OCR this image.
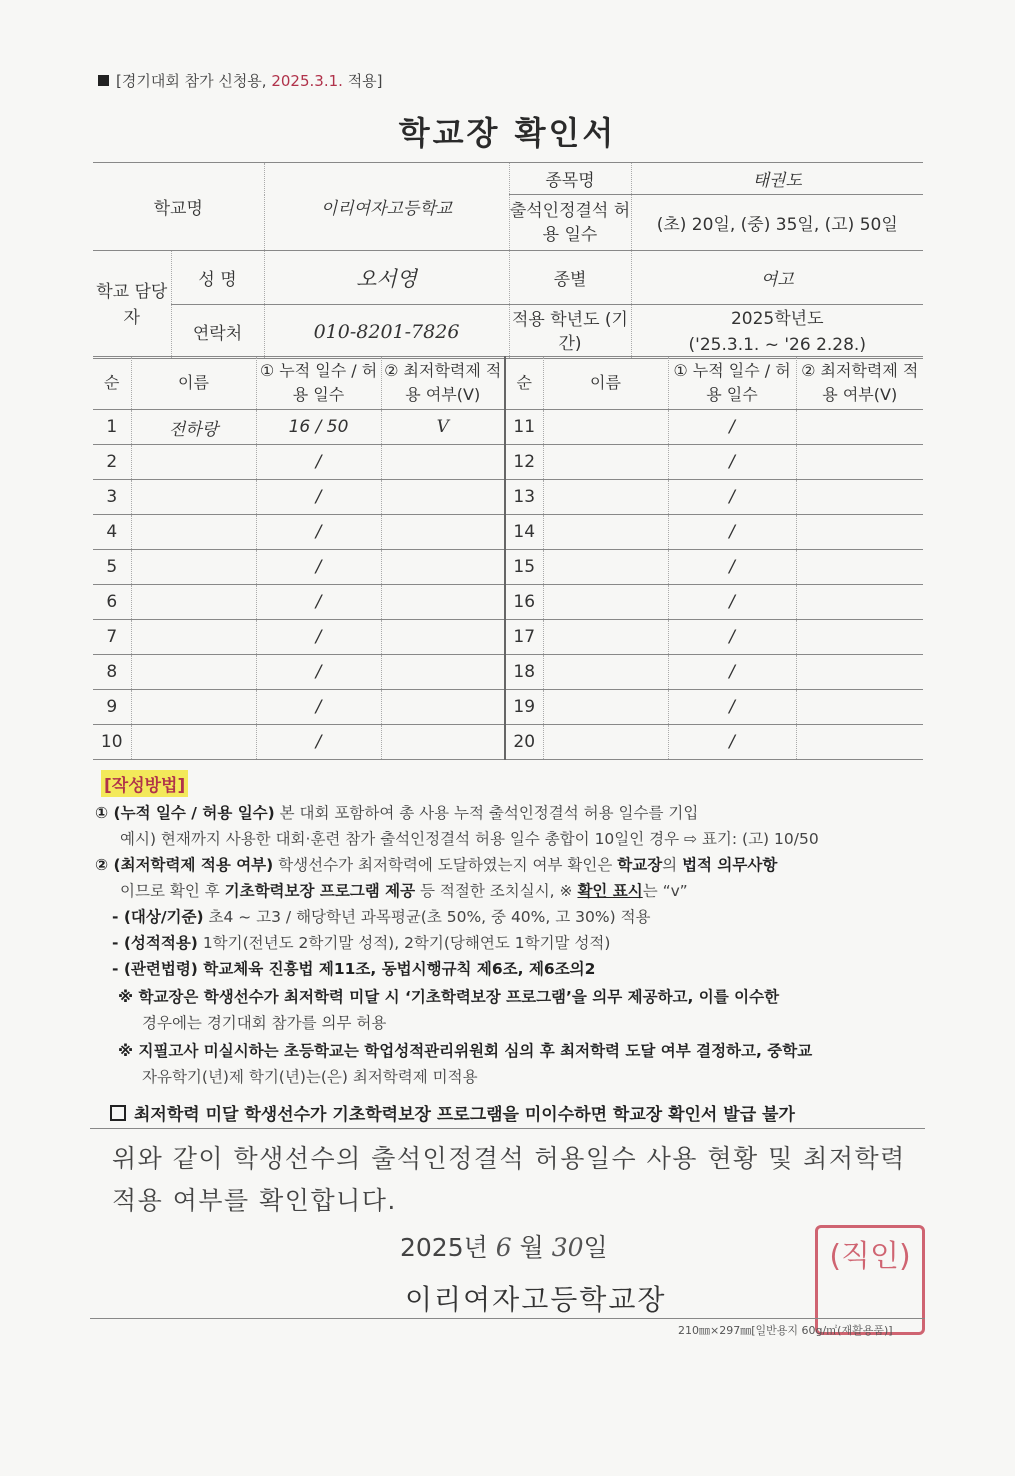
[경기대회 참가 신청용, 2025.3.1. 적용]
학교장 확인서
학교명		이리여자고등학교	종목명	태권도
			출석인정결석 허용 일수	(초) 20일, (중) 35일, (고) 50일
학교 담당자	성 명	오서영	종별	여고
	연락처	010-8201-7826	적용 학년도 (기간)	2025학년도
('25.3.1. ~ '26 2.28.)
순	이름	① 누적 일수 / 허용 일수	② 최저학력제 적용 여부(V)	순	이름	① 누적 일수 / 허용 일수	② 최저학력제 적용 여부(V)
1	전하랑	16 / 50	V	11		/	
2		/		12		/	
3		/		13		/	
4		/		14		/	
5		/		15		/	
6		/		16		/	
7		/		17		/	
8		/		18		/	
9		/		19		/	
10		/		20		/	
[작성방법]
① (누적 일수 / 허용 일수) 본 대회 포함하여 총 사용 누적 출석인정결석 허용 일수를 기입
예시) 현재까지 사용한 대회·훈련 참가 출석인정결석 허용 일수 총합이 10일인 경우 ⇨ 표기: (고) 10/50
② (최저학력제 적용 여부) 학생선수가 최저학력에 도달하였는지 여부 확인은 학교장의 법적 의무사항
이므로 확인 후 기초학력보장 프로그램 제공 등 적절한 조치실시, ※ 확인 표시는 “v”
- (대상/기준) 초4 ~ 고3 / 해당학년 과목평균(초 50%, 중 40%, 고 30%) 적용
- (성적적용) 1학기(전년도 2학기말 성적), 2학기(당해연도 1학기말 성적)
- (관련법령) 학교체육 진흥법 제11조, 동법시행규칙 제6조, 제6조의2
※ 학교장은 학생선수가 최저학력 미달 시 ‘기초학력보장 프로그램’을 의무 제공하고, 이를 이수한
경우에는 경기대회 참가를 의무 허용
※ 지필고사 미실시하는 초등학교는 학업성적관리위원회 심의 후 최저학력 도달 여부 결정하고, 중학교
자유학기(년)제 학기(년)는(은) 최저학력제 미적용
최저학력 미달 학생선수가 기초학력보장 프로그램을 미이수하면 학교장 확인서 발급 불가
위와 같이 학생선수의 출석인정결석 허용일수 사용 현황 및 최저학력
적용 여부를 확인합니다.
2025년 6 월 30일
이리여자고등학교장
(직인)
210㎜×297㎜[일반용지 60g/㎡(재활용품)]
